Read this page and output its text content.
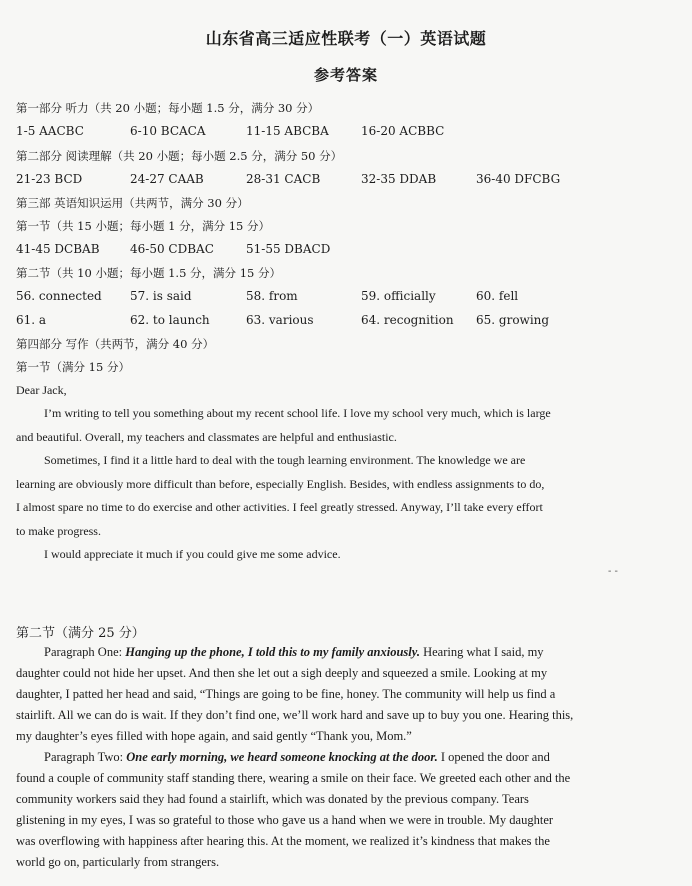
山东省高三适应性联考（一）英语试题
参考答案
第一部分 听力（共 20 小题；每小题 1.5 分，满分 30 分）
1-5 AACBC	6-10 BCACA	11-15 ABCBA	16-20 ACBBC
第二部分 阅读理解（共 20 小题；每小题 2.5 分，满分 50 分）
21-23 BCD	24-27 CAAB	28-31 CACB	32-35 DDAB	36-40 DFCBG
第三部 英语知识运用（共两节，满分 30 分）
第一节（共 15 小题；每小题 1 分，满分 15 分）
41-45 DCBAB	46-50 CDBAC	51-55 DBACD
第二节（共 10 小题；每小题 1.5 分，满分 15 分）
56. connected 57. is said	58. from	59. officially	60. fell
61. a	62. to launch	63. various	64. recognition 65. growing
第四部分 写作（共两节，满分 40 分）
第一节（满分 15 分）
Dear Jack,
I’m writing to tell you something about my recent school life. I love my school very much, which is large
and beautiful. Overall, my teachers and classmates are helpful and enthusiastic.
Sometimes, I find it a little hard to deal with the tough learning environment. The knowledge we are
learning are obviously more difficult than before, especially English. Besides, with endless assignments to do,
I almost spare no time to do exercise and other activities. I feel greatly stressed. Anyway, I’ll take every effort
to make progress.
I would appreciate it much if you could give me some advice.
- -
第二节（满分 25 分）
Paragraph One: Hanging up the phone, I told this to my family anxiously. Hearing what I said, my
daughter could not hide her upset. And then she let out a sigh deeply and squeezed a smile. Looking at my
daughter, I patted her head and said, “Things are going to be fine, honey. The community will help us find a
stairlift. All we can do is wait. If they don’t find one, we’ll work hard and save up to buy you one. Hearing this,
my daughter’s eyes filled with hope again, and said gently “Thank you, Mom.”
Paragraph Two: One early morning, we heard someone knocking at the door. I opened the door and
found a couple of community staff standing there, wearing a smile on their face. We greeted each other and the
community workers said they had found a stairlift, which was donated by the previous company. Tears
glistening in my eyes, I was so grateful to those who gave us a hand when we were in trouble. My daughter
was overflowing with happiness after hearing this. At the moment, we realized it’s kindness that makes the
world go on, particularly from strangers.
